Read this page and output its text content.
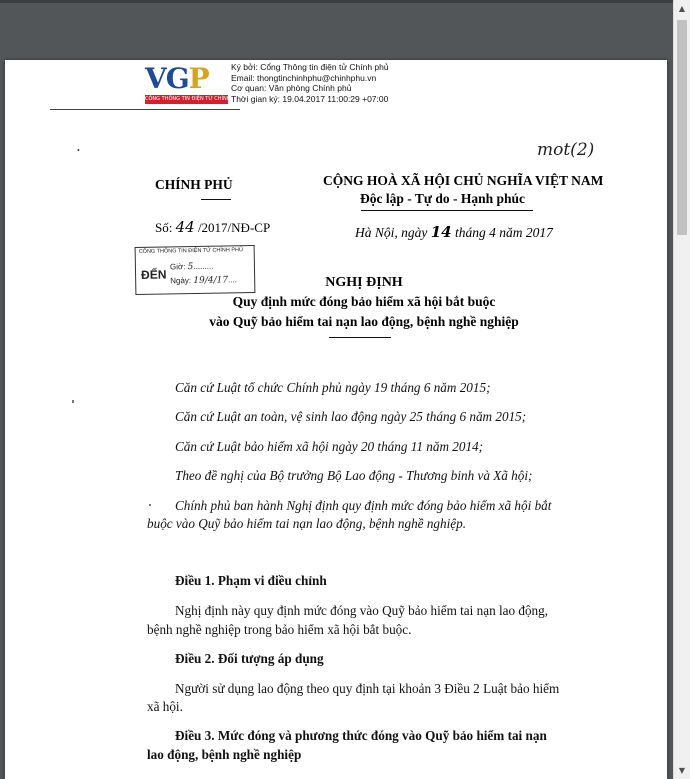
VGP
CỔNG THÔNG TIN ĐIỆN TỬ CHÍNH PHỦ
Ký bởi: Cổng Thông tin điện tử Chính phủ
Email: thongtinchinhphu@chinhphu.vn
Cơ quan: Văn phòng Chính phủ
Thời gian ký: 19.04.2017 11:00:29 +07:00
mot(2)
•
CHÍNH PHỦ
Số: 44 /2017/NĐ-CP
CỘNG HOÀ XÃ HỘI CHỦ NGHĨA VIỆT NAM
Độc lập - Tự do - Hạnh phúc
Hà Nội, ngày 14 tháng 4 năm 2017
CỔNG THÔNG TIN ĐIỆN TỬ CHÍNH PHỦ
ĐẾN
Giờ: 5.........
Ngày: 19/4/17....	NGHỊ ĐỊNH
Quy định mức đóng bảo hiểm xã hội bắt buộc
vào Quỹ bảo hiểm tai nạn lao động, bệnh nghề nghiệp
Căn cứ Luật tổ chức Chính phủ ngày 19 tháng 6 năm 2015;
Căn cứ Luật an toàn, vệ sinh lao động ngày 25 tháng 6 năm 2015;
Căn cứ Luật bảo hiểm xã hội ngày 20 tháng 11 năm 2014;
Theo đề nghị của Bộ trưởng Bộ Lao động - Thương binh và Xã hội;
Chính phủ ban hành Nghị định quy định mức đóng bảo hiểm xã hội bắt
buộc vào Quỹ bảo hiểm tai nạn lao động, bệnh nghề nghiệp.
Điều 1. Phạm vi điều chỉnh
Nghị định này quy định mức đóng vào Quỹ bảo hiểm tai nạn lao động,
bệnh nghề nghiệp trong bảo hiểm xã hội bắt buộc.
Điều 2. Đối tượng áp dụng
Người sử dụng lao động theo quy định tại khoản 3 Điều 2 Luật bảo hiểm
xã hội.
Điều 3. Mức đóng và phương thức đóng vào Quỹ bảo hiểm tai nạn
lao động, bệnh nghề nghiệp
▲
▼
